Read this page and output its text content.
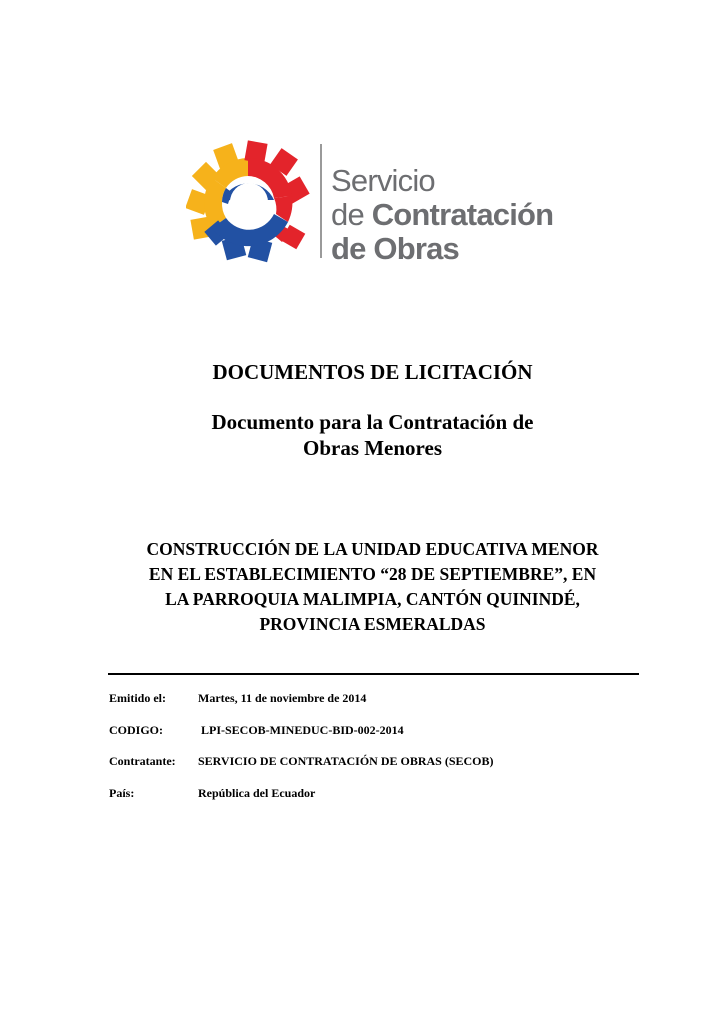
Servicio
de Contratación
de Obras
DOCUMENTOS DE LICITACIÓN
Documento para la Contratación de
Obras Menores
CONSTRUCCIÓN DE LA UNIDAD EDUCATIVA MENOR
EN EL ESTABLECIMIENTO “28 DE SEPTIEMBRE”, EN
LA PARROQUIA MALIMPIA, CANTÓN QUININDÉ,
PROVINCIA ESMERALDAS
Emitido el:	Martes, 11 de noviembre de 2014
CODIGO:	LPI-SECOB-MINEDUC-BID-002-2014
Contratante: SERVICIO DE CONTRATACIÓN DE OBRAS (SECOB)
País:	República del Ecuador
